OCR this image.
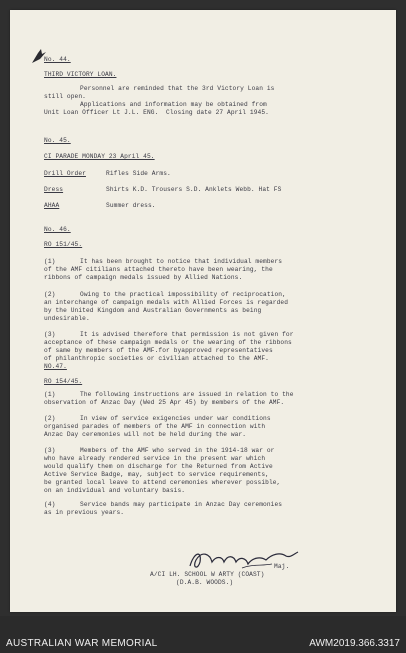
No. 44.
THIRD VICTORY LOAN.
Personnel are reminded that the 3rd Victory Loan is
still open.
Applications and information may be obtained from
Unit Loan Officer Lt J.L. ENG.  Closing date 27 April 1945.
No. 45.
CI PARADE MONDAY 23 April 45.
Drill Order	Rifles Side Arms.
Dress	Shirts K.D. Trousers S.D. Anklets Webb. Hat FS
AHAA	Summer dress.
No. 46.
RO 151/45.
(1)	It has been brought to notice that individual members
of the AMF citilians attached thereto have been wearing, the
ribbons of campaign medals issued by Allied Nations.
(2)	Owing to the practical impossibility of reciprocation,
an interchange of campaign medals with Allied Forces is regarded
by the United Kingdom and Australian Governments as being
undesirable.
(3)	It is advised therefore that permission is not given for
acceptance of these campaign medals or the wearing of the ribbons
of same by members of the AMF.for byapproved representatives
of philanthropic societies or civilian attached to the AMF.
NO.47.
RO 154/45.
(1)	The following instructions are issued in relation to the
observation of Anzac Day (Wed 25 Apr 45) by members of the AMF.
(2)	In view of service exigencies under war conditions
organised parades of members of the AMF in connection with
Anzac Day ceremonies will not be held during the war.
(3)	Members of the AMF who served in the 1914-18 war or
who have already rendered service in the present war which
would qualify them on discharge for the Returned from Active
Active Service Badge, may, subject to service requirements,
be granted local leave to attend ceremonies wherever possible,
on an individual and voluntary basis.
(4)	Service bands may participate in Anzac Day ceremonies
as in previous years.
Maj.
A/CI LH. SCHOOL W ARTY (COAST)
(D.A.B. WOODS.)
AUSTRALIAN WAR MEMORIAL	AWM2019.366.3317
